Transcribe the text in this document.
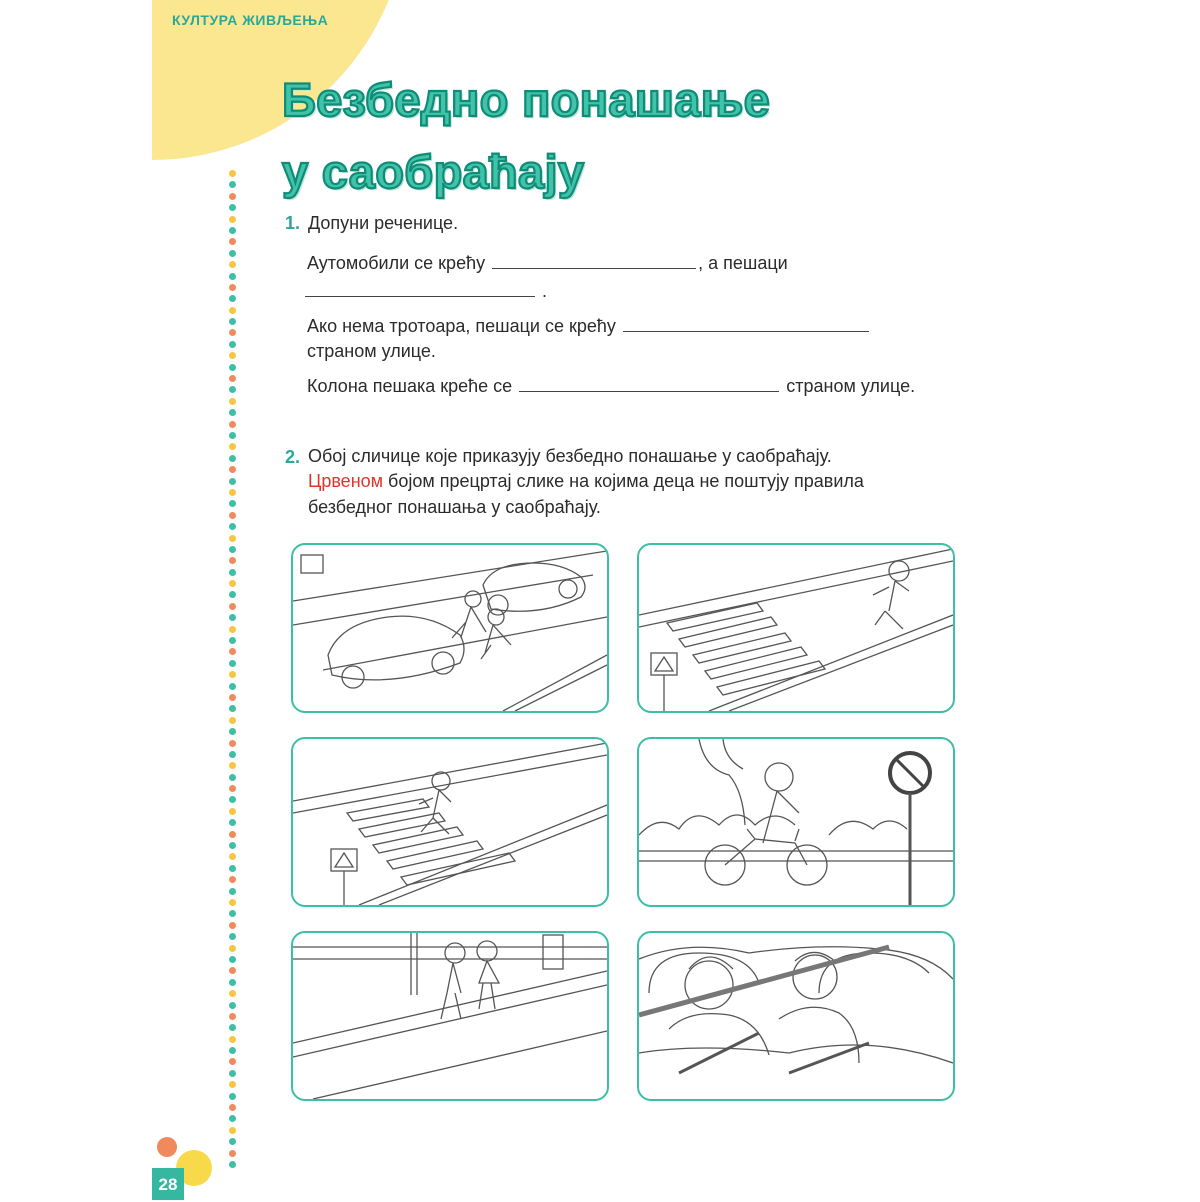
КУЛТУРА ЖИВЉЕЊА
Безбедно понашање
у саобраћају
1. Допуни реченице.
Аутомобили се крећу	, а пешаци
.
Ако нема тротоара, пешаци се крећу
страном улице.
Колона пешака креће се	страном улице.
2. Обој сличице које приказују безбедно понашање у саобраћају.
Црвеном бојом прецртај слике на којима деца не поштују правила
безбедног понашања у саобраћају.
28
